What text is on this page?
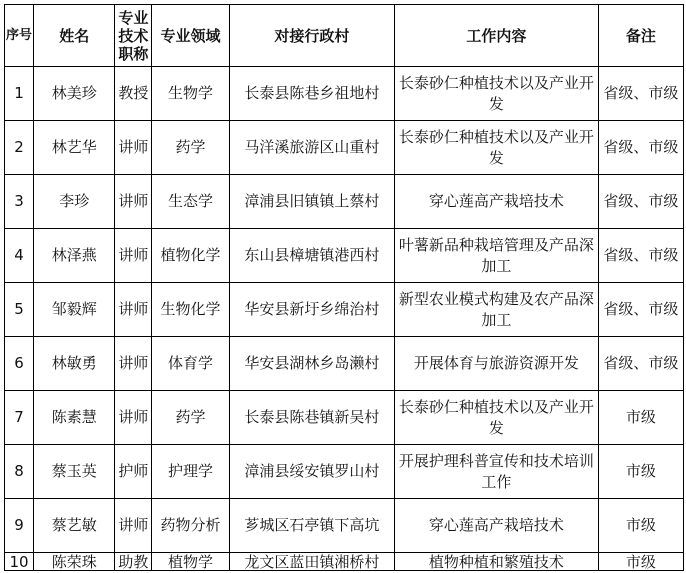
序号	姓名	专业技术职称	专业领域	对接行政村	工作内容	备注
1	林美珍	教授	生物学	长泰县陈巷乡祖地村	长泰砂仁种植技术以及产业开发	省级、市级
2	林艺华	讲师	药学	马洋溪旅游区山重村	长泰砂仁种植技术以及产业开发	省级、市级
3	李珍	讲师	生态学	漳浦县旧镇镇上蔡村	穿心莲高产栽培技术	省级、市级
4	林泽燕	讲师	植物化学	东山县樟塘镇港西村	叶薯新品种栽培管理及产品深加工	省级、市级
5	邹毅辉	讲师	生物化学	华安县新圩乡绵治村	新型农业模式构建及农产品深加工	省级、市级
6	林敏勇	讲师	体育学	华安县湖林乡岛濑村	开展体育与旅游资源开发	省级、市级
7	陈素慧	讲师	药学	长泰县陈巷镇新吴村	长泰砂仁种植技术以及产业开发	市级
8	蔡玉英	护师	护理学	漳浦县绥安镇罗山村	开展护理科普宣传和技术培训工作	市级
9	蔡艺敏	讲师	药物分析	芗城区石亭镇下高坑	穿心莲高产栽培技术	市级
10	陈荣珠	助教	植物学	龙文区蓝田镇湘桥村	植物种植和繁殖技术	市级
